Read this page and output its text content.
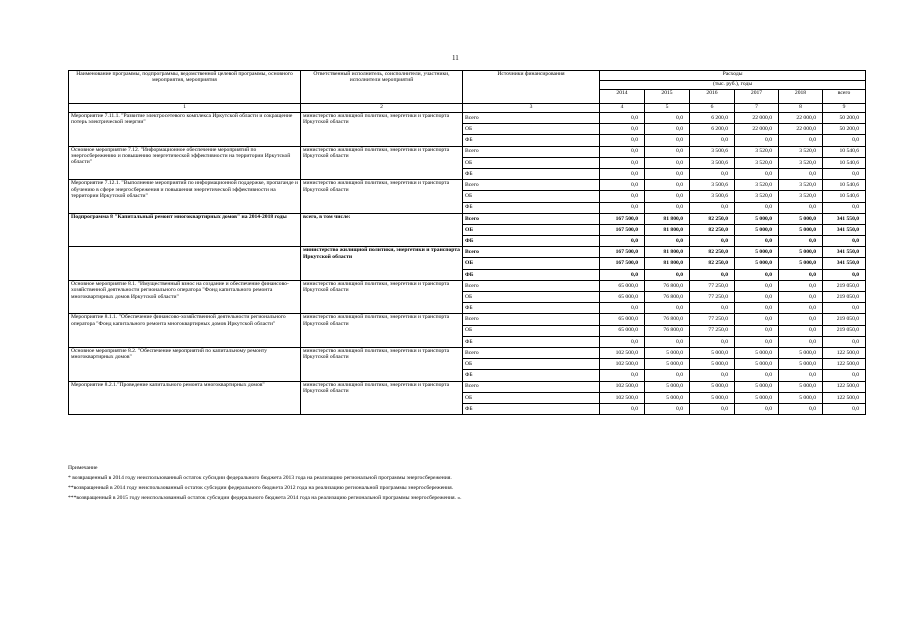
11
Наименование программы, подпрограммы, ведомственной целевой программы, основного мероприятия, мероприятия	Ответственный исполнитель, соисполнители, участники, исполнители мероприятий	Источники финансирования	Расходы					
			(тыс. руб.), годы					
			2014	2015	2016	2017	2018	всего
1	2	3	4	5	6	7	8	9
Мероприятие 7.11.1. "Развитие электросетевого комплекса Иркутской области и сокращение потерь электрической энергии"	министерство жилищной политики, энергетики и транспорта Иркутской области	Всего	0,0	0,0	6 200,0	22 000,0	22 000,0	50 200,0
		ОБ	0,0	0,0	6 200,0	22 000,0	22 000,0	50 200,0
		ФБ	0,0	0,0	0,0	0,0	0,0	0,0
Основное мероприятие 7.12. "Информационное обеспечение мероприятий по энергосбережению и повышению энергетической эффективности на территории Иркутской области"	министерство жилищной политики, энергетики и транспорта Иркутской области	Всего	0,0	0,0	3 500,6	3 520,0	3 520,0	10 540,6
		ОБ	0,0	0,0	3 500,6	3 520,0	3 520,0	10 540,6
		ФБ	0,0	0,0	0,0	0,0	0,0	0,0
Мероприятие 7.12.1. "Выполнение мероприятий по информационной поддержке, пропаганде и обучению в сфере энергосбережения и повышения энергетической эффективности на территории Иркутской области"	министерство жилищной политики, энергетики и транспорта Иркутской области	Всего	0,0	0,0	3 500,6	3 520,0	3 520,0	10 540,6
		ОБ	0,0	0,0	3 500,6	3 520,0	3 520,0	10 540,6
		ФБ	0,0	0,0	0,0	0,0	0,0	0,0
Подпрограмма 8 "Капитальный ремонт многоквартирных домов" на 2014-2018 годы	всего, в том числе:	Всего	167 500,0	81 800,0	82 250,0	5 000,0	5 000,0	341 550,0
		ОБ	167 500,0	81 800,0	82 250,0	5 000,0	5 000,0	341 550,0
		ФБ	0,0	0,0	0,0	0,0	0,0	0,0
	министерство жилищной политики, энергетики и транспорта Иркутской области	Всего	167 500,0	81 800,0	82 250,0	5 000,0	5 000,0	341 550,0
		ОБ	167 500,0	81 800,0	82 250,0	5 000,0	5 000,0	341 550,0
		ФБ	0,0	0,0	0,0	0,0	0,0	0,0
Основное мероприятие 8.1. "Имущественный взнос на создание и обеспечение финансово-хозяйственной деятельности регионального оператора "Фонд капитального ремонта многоквартирных домов Иркутской области"	министерство жилищной политики, энергетики и транспорта Иркутской области	Всего	65 000,0	76 800,0	77 250,0	0,0	0,0	219 050,0
		ОБ	65 000,0	76 800,0	77 250,0	0,0	0,0	219 050,0
		ФБ	0,0	0,0	0,0	0,0	0,0	0,0
Мероприятие 8.1.1. "Обеспечение финансово-хозяйственной деятельности регионального оператора "Фонд капитального ремонта многоквартирных домов Иркутской области"	министерство жилищной политики, энергетики и транспорта Иркутской области	Всего	65 000,0	76 800,0	77 250,0	0,0	0,0	219 050,0
		ОБ	65 000,0	76 800,0	77 250,0	0,0	0,0	219 050,0
		ФБ	0,0	0,0	0,0	0,0	0,0	0,0
Основное мероприятие 8.2. "Обеспечение мероприятий по капитальному ремонту многоквартирных домов"	министерство жилищной политики, энергетики и транспорта Иркутской области	Всего	102 500,0	5 000,0	5 000,0	5 000,0	5 000,0	122 500,0
		ОБ	102 500,0	5 000,0	5 000,0	5 000,0	5 000,0	122 500,0
		ФБ	0,0	0,0	0,0	0,0	0,0	0,0
Мероприятие 8.2.1."Проведение капитального ремонта многоквартирных домов"	министерство жилищной политики, энергетики и транспорта Иркутской области	Всего	102 500,0	5 000,0	5 000,0	5 000,0	5 000,0	122 500,0
		ОБ	102 500,0	5 000,0	5 000,0	5 000,0	5 000,0	122 500,0
		ФБ	0,0	0,0	0,0	0,0	0,0	0,0
Примечание
* возвращенный в 2014 году неиспользованный остаток субсидии федерального бюджета 2013 года на реализацию региональной программы энергосбережения.
**возвращенный в 2014 году неиспользованный остаток субсидии федерального бюджета 2012 года на реализацию региональной программы энергосбережения.
***возвращенный в 2015 году неиспользованный остаток субсидии федерального бюджета 2014 года на реализацию региональной программы энергосбережения. ».
